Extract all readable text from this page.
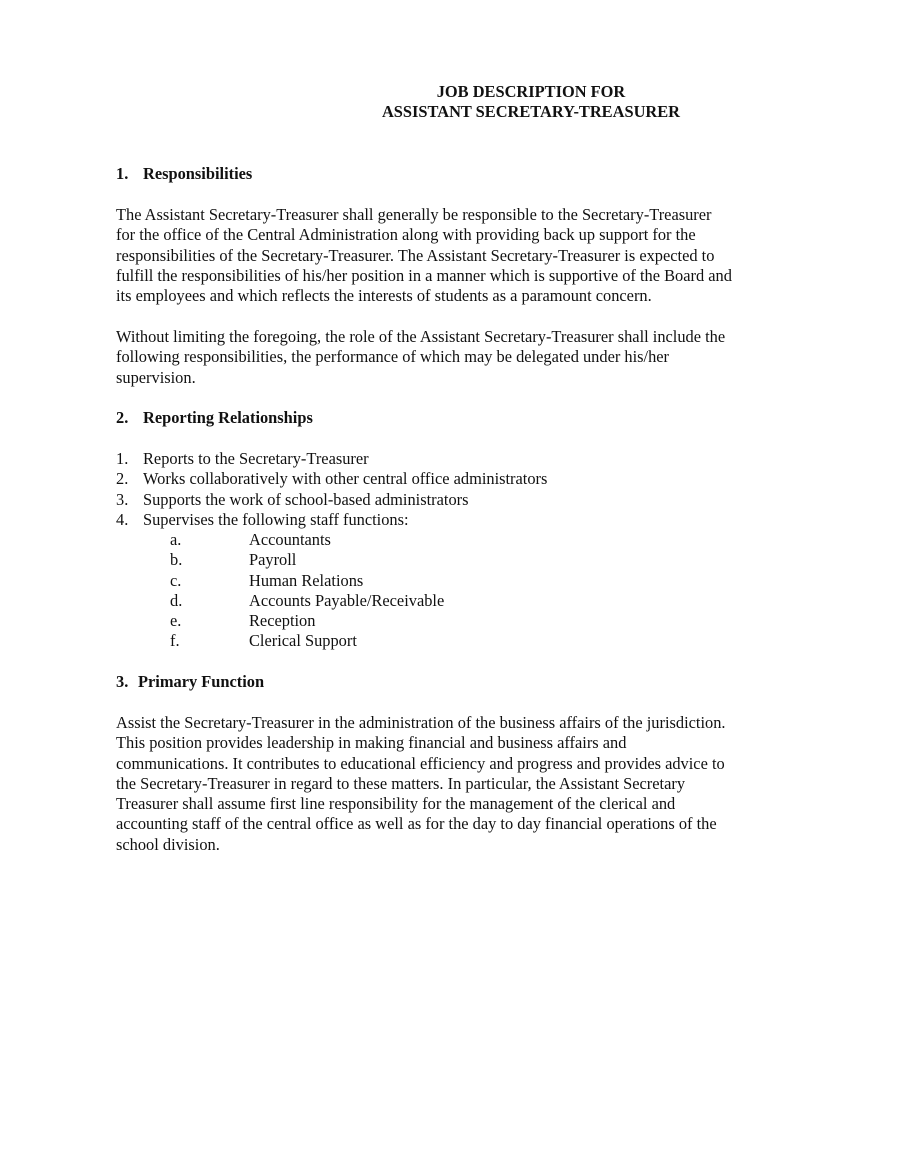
JOB DESCRIPTION FOR
ASSISTANT SECRETARY-TREASURER
1. Responsibilities

The Assistant Secretary-Treasurer shall generally be responsible to the Secretary-Treasurer
for the office of the Central Administration along with providing back up support for the
responsibilities of the Secretary-Treasurer. The Assistant Secretary-Treasurer is expected to
fulfill the responsibilities of his/her position in a manner which is supportive of the Board and
its employees and which reflects the interests of students as a paramount concern.

Without limiting the foregoing, the role of the Assistant Secretary-Treasurer shall include the
following responsibilities, the performance of which may be delegated under his/her
supervision.

2. Reporting Relationships
1. Reports to the Secretary-Treasurer
2. Works collaboratively with other central office administrators
3. Supports the work of school-based administrators
4. Supervises the following staff functions:
a.	Accountants
b.	Payroll
c.	Human Relations
d.	Accounts Payable/Receivable
e.	Reception
f.	Clerical Support
3. Primary Function

Assist the Secretary-Treasurer in the administration of the business affairs of the jurisdiction.
This position provides leadership in making financial and business affairs and
communications. It contributes to educational efficiency and progress and provides advice to
the Secretary-Treasurer in regard to these matters. In particular, the Assistant Secretary
Treasurer shall assume first line responsibility for the management of the clerical and
accounting staff of the central office as well as for the day to day financial operations of the
school division.
